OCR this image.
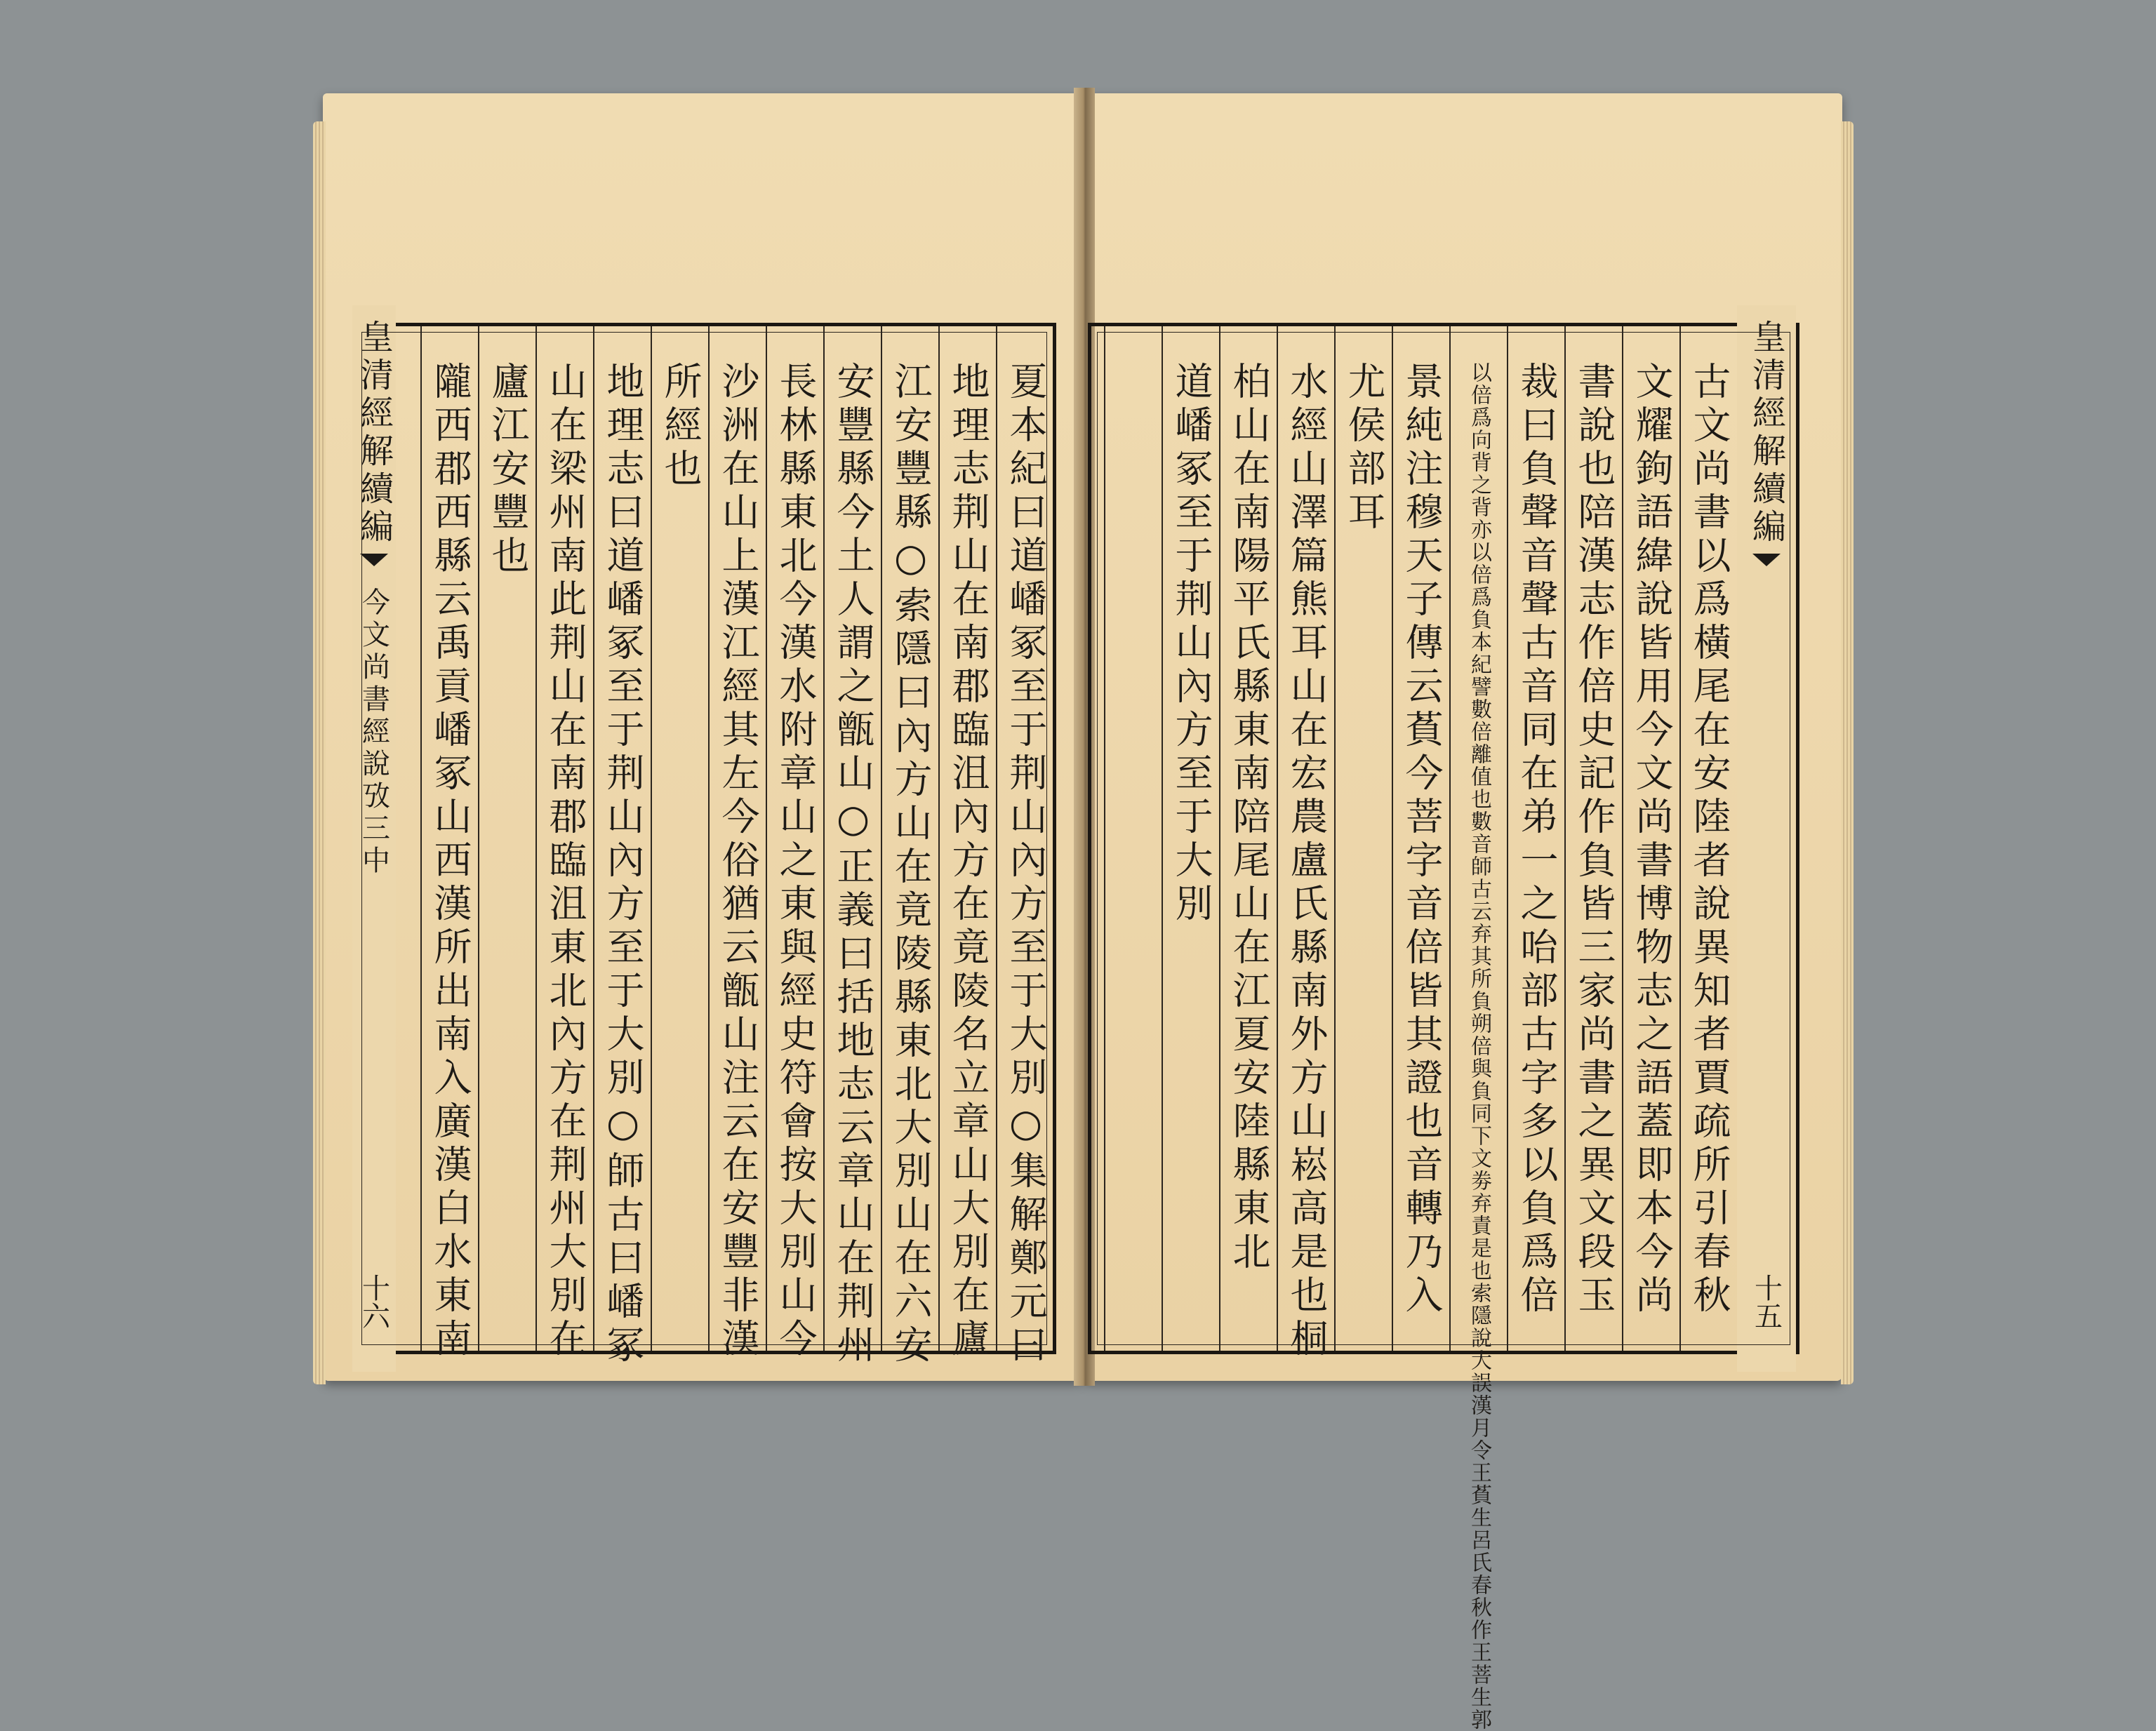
皇清經解續編
今文尚書經說攷三中
十六	夏本紀曰道嶓冢至于荆山內方至于大別○集解鄭元曰
地理志荆山在南郡臨沮內方在竟陵名立章山大別在廬
江安豐縣○索隱曰內方山在竟陵縣東北大別山在六安
安豐縣今土人謂之甑山○正義曰括地志云章山在荆州
長林縣東北今漢水附章山之東與經史符會按大別山今
沙洲在山上漢江經其左今俗猶云甑山注云在安豐非漢
所經也
地理志曰道嶓冢至于荆山內方至于大別○師古曰嶓冢
山在梁州南此荆山在南郡臨沮東北內方在荆州大別在
廬江安豐也
隴西郡西縣云禹貢嶓冢山西漢所出南入廣漢白水東南	古文尚書以爲橫尾在安陸者說異知者賈疏所引春秋
文耀鉤語緯說皆用今文尚書博物志之語蓋即本今尚
書說也陪漢志作倍史記作負皆三家尚書之異文段玉
裁曰負聲音聲古音同在弟一之咍部古字多以負爲倍
以倍爲向背之背亦以倍爲負本紀譬數倍離值也數音師古云弃其所負朔倍與負同下文劵弃責是也索隱說大誤漢月令王萯生呂氏春秋作王菩生郭
景純注穆天子傳云萯今菩字音倍皆其證也音轉乃入
尤侯部耳
水經山澤篇熊耳山在宏農盧氏縣南外方山崧高是也桐
柏山在南陽平氏縣東南陪尾山在江夏安陸縣東北
道嶓冢至于荆山內方至于大別	皇清經解續編
十五
